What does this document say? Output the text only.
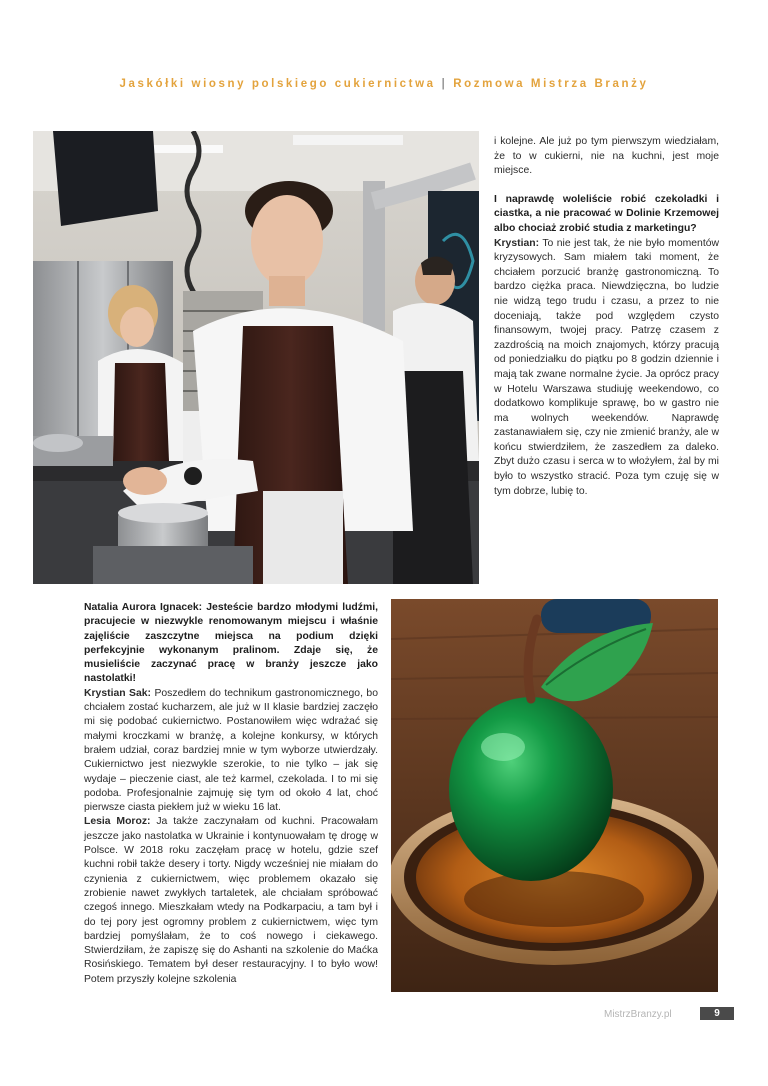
Jaskółki wiosny polskiego cukiernictwa | Rozmowa Mistrza Branży

i kolejne. Ale już po tym pierwszym wiedziałam, że to w cukierni, nie na kuchni, jest moje miejsce.

I naprawdę woleliście robić czekoladki i ciastka, a nie pracować w Dolinie Krzemowej albo chociaż zrobić studia z marketingu?

Krystian: To nie jest tak, że nie było momentów kryzysowych. Sam miałem taki moment, że chciałem porzucić branżę gastronomiczną. To bardzo ciężka praca. Niewdzięczna, bo ludzie nie widzą tego trudu i czasu, a przez to nie doceniają, także pod względem czysto finansowym, twojej pracy. Patrzę czasem z zazdrością na moich znajomych, którzy pracują od poniedziałku do piątku po 8 godzin dziennie i mają tak zwane normalne życie. Ja oprócz pracy w Hotelu Warszawa studiuję weekendowo, co dodatkowo komplikuje sprawę, bo w gastro nie ma wolnych weekendów. Naprawdę zastanawiałem się, czy nie zmienić branży, ale w końcu stwierdziłem, że zaszedłem za daleko. Zbyt dużo czasu i serca w to włożyłem, żal by mi było to wszystko stracić. Poza tym czuję się w tym dobrze, lubię to.

Natalia Aurora Ignacek: Jesteście bardzo młodymi ludźmi, pracujecie w niezwykle renomowanym miejscu i właśnie zajęliście zaszczytne miejsca na podium dzięki perfekcyjnie wykonanym pralinom. Zdaje się, że musieliście zaczynać pracę w branży jeszcze jako nastolatki!

Krystian Sak: Poszedłem do technikum gastronomicznego, bo chciałem zostać kucharzem, ale już w II klasie bardziej zaczęło mi się podobać cukiernictwo. Postanowiłem więc wdrażać się małymi kroczkami w branżę, a kolejne konkursy, w których brałem udział, coraz bardziej mnie w tym wyborze utwierdzały. Cukiernictwo jest niezwykle szerokie, to nie tylko – jak się wydaje – pieczenie ciast, ale też karmel, czekolada. I to mi się podoba. Profesjonalnie zajmuję się tym od około 4 lat, choć pierwsze ciasta piekłem już w wieku 16 lat.

Lesia Moroz: Ja także zaczynałam od kuchni. Pracowałam jeszcze jako nastolatka w Ukrainie i kontynuowałam tę drogę w Polsce. W 2018 roku zaczęłam pracę w hotelu, gdzie szef kuchni robił także desery i torty. Nigdy wcześniej nie miałam do czynienia z cukiernictwem, więc problemem okazało się zrobienie nawet zwykłych tartaletek, ale chciałam spróbować czegoś innego. Mieszkałam wtedy na Podkarpaciu, a tam był i do tej pory jest ogromny problem z cukiernictwem, więc tym bardziej pomyślałam, że to coś nowego i ciekawego. Stwierdziłam, że zapiszę się do Ashanti na szkolenie do Maćka Rosińskiego. Tematem był deser restauracyjny. I to było wow! Potem przyszły kolejne szkolenia

MistrzBranzy.pl	9
